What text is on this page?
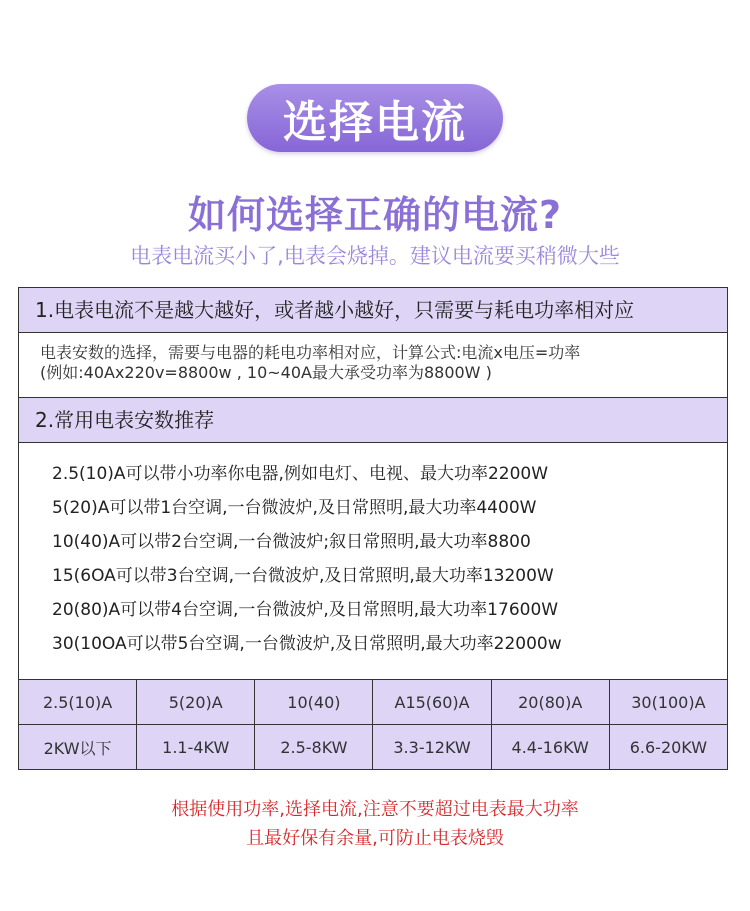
选择电流
如何选择正确的电流?
电表电流买小了,电表会烧掉。建议电流要买稍微大些
1.电表电流不是越大越好，或者越小越好，只需要与耗电功率相对应
电表安数的选择，需要与电器的耗电功率相对应，计算公式:电流x电压=功率
(例如:40Ax220v=8800w , 10~40A最大承受功率为8800W )
2.常用电表安数推荐
2.5(10)A可以带小功率你电器,例如电灯、电视、最大功率2200W
5(20)A可以带1台空调,一台微波炉,及日常照明,最大功率4400W
10(40)A可以带2台空调,一台微波炉;叙日常照明,最大功率8800
15(6OA可以带3台空调,一台微波炉,及日常照明,最大功率13200W
20(80)A可以带4台空调,一台微波炉,及日常照明,最大功率17600W
30(10OA可以带5台空调,一台微波炉,及日常照明,最大功率22000w
2.5(10)A	5(20)A	10(40)	A15(60)A	20(80)A	30(100)A
2KW以下	1.1-4KW	2.5-8KW	3.3-12KW	4.4-16KW	6.6-20KW
根据使用功率,选择电流,注意不要超过电表最大功率
且最好保有余量,可防止电表烧毁
